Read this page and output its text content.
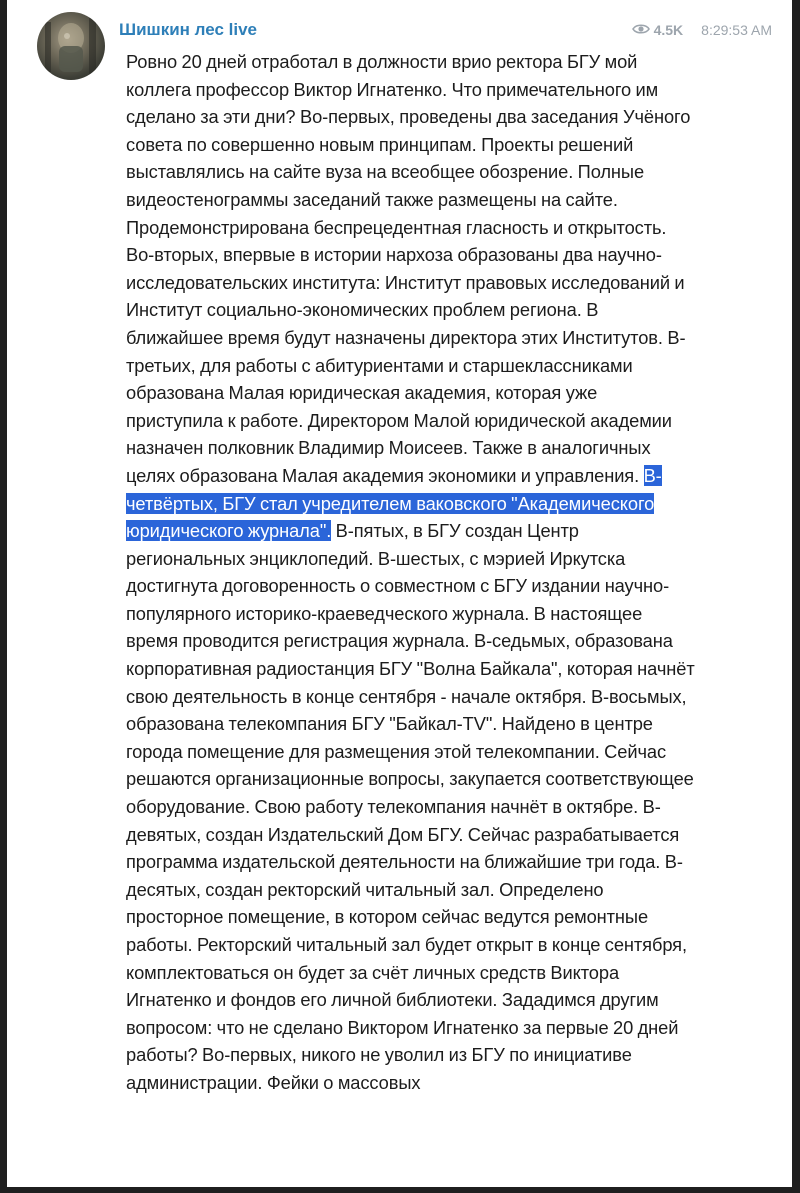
Шишкин лес live	4.5K 8:29:53 AM
Ровно 20 дней отработал в должности врио ректора БГУ мой коллега профессор Виктор Игнатенко. Что примечательного им сделано за эти дни? Во-первых, проведены два заседания Учёного совета по совершенно новым принципам. Проекты решений выставлялись на сайте вуза на всеобщее обозрение. Полные видеостенограммы заседаний также размещены на сайте. Продемонстрирована беспрецедентная гласность и открытость. Во-вторых, впервые в истории нархоза образованы два научно-исследовательских института: Институт правовых исследований и Институт социально-экономических проблем региона. В ближайшее время будут назначены директора этих Институтов. В-третьих, для работы с абитуриентами и старшеклассниками образована Малая юридическая академия, которая уже приступила к работе. Директором Малой юридической академии назначен полковник Владимир Моисеев. Также в аналогичных целях образована Малая академия экономики и управления. В-четвёртых, БГУ стал учредителем ваковского "Академического юридического журнала". В-пятых, в БГУ создан Центр региональных энциклопедий. В-шестых, с мэрией Иркутска достигнута договоренность о совместном с БГУ издании научно-популярного историко-краеведческого журнала. В настоящее время проводится регистрация журнала. В-седьмых, образована корпоративная радиостанция БГУ "Волна Байкала", которая начнёт свою деятельность в конце сентября - начале октября. В-восьмых, образована телекомпания БГУ "Байкал-TV". Найдено в центре города помещение для размещения этой телекомпании. Сейчас решаются организационные вопросы, закупается соответствующее оборудование. Свою работу телекомпания начнёт в октябре. В-девятых, создан Издательский Дом БГУ. Сейчас разрабатывается программа издательской деятельности на ближайшие три года. В-десятых, создан ректорский читальный зал. Определено просторное помещение, в котором сейчас ведутся ремонтные работы. Ректорский читальный зал будет открыт в конце сентября, комплектоваться он будет за счёт личных средств Виктора Игнатенко и фондов его личной библиотеки. Зададимся другим вопросом: что не сделано Виктором Игнатенко за первые 20 дней работы? Во-первых, никого не уволил из БГУ по инициативе администрации. Фейки о массовых
